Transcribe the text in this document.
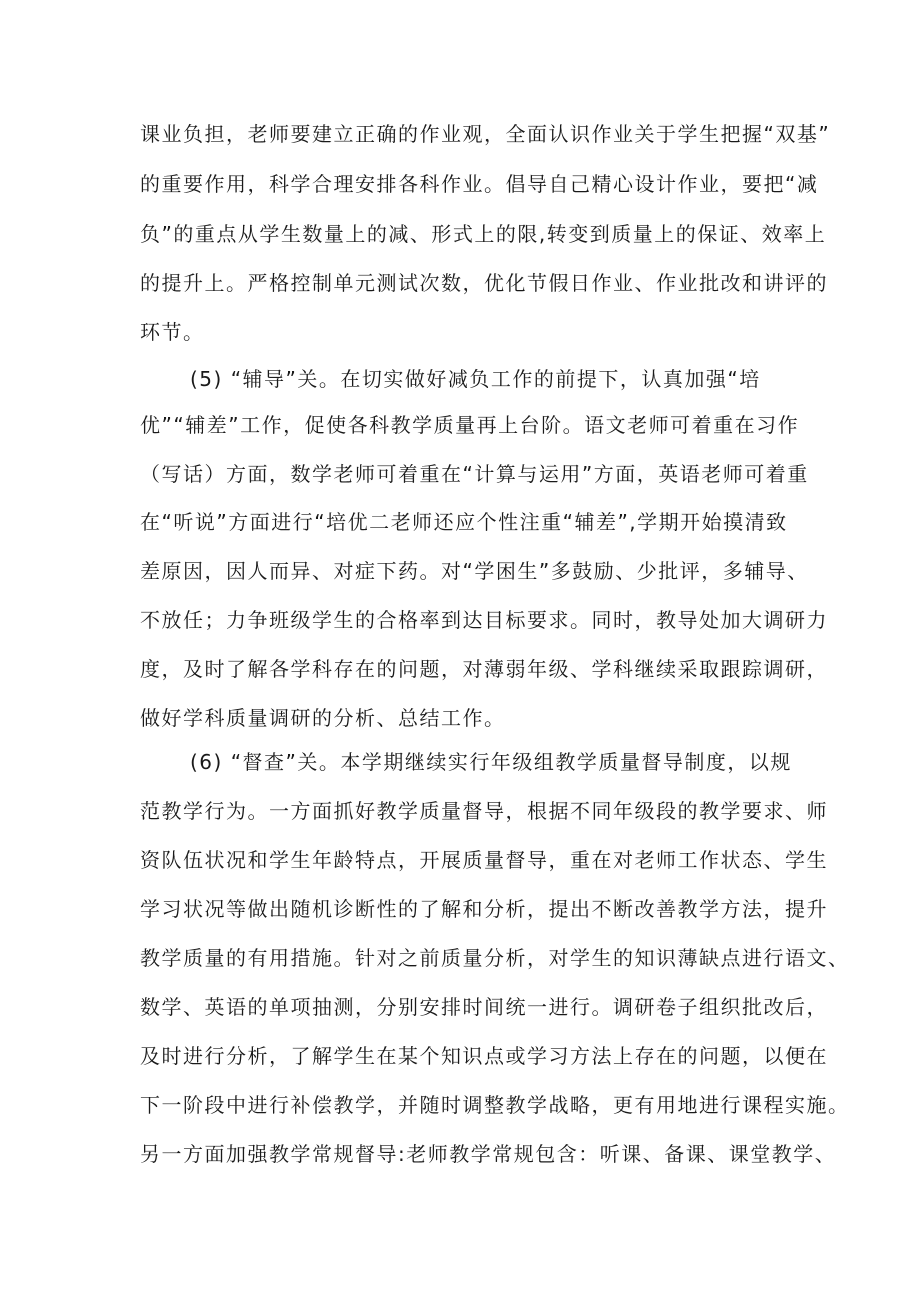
课业负担，老师要建立正确的作业观，全面认识作业关于学生把握“双基”
的重要作用，科学合理安排各科作业。倡导自己精心设计作业，要把“减
负”的重点从学生数量上的减、形式上的限,转变到质量上的保证、效率上
的提升上。严格控制单元测试次数，优化节假日作业、作业批改和讲评的
环节。
(5) “辅导”关。在切实做好减负工作的前提下，认真加强“培
优”“辅差”工作，促使各科教学质量再上台阶。语文老师可着重在习作
（写话）方面，数学老师可着重在“计算与运用”方面，英语老师可着重
在“听说”方面进行“培优二老师还应个性注重“辅差”,学期开始摸清致
差原因，因人而异、对症下药。对“学困生”多鼓励、少批评，多辅导、
不放任；力争班级学生的合格率到达目标要求。同时，教导处加大调研力
度，及时了解各学科存在的问题，对薄弱年级、学科继续采取跟踪调研，
做好学科质量调研的分析、总结工作。
(6) “督查”关。本学期继续实行年级组教学质量督导制度，以规
范教学行为。一方面抓好教学质量督导，根据不同年级段的教学要求、师
资队伍状况和学生年龄特点，开展质量督导，重在对老师工作状态、学生
学习状况等做出随机诊断性的了解和分析，提出不断改善教学方法，提升
教学质量的有用措施。针对之前质量分析，对学生的知识薄缺点进行语文、
数学、英语的单项抽测，分别安排时间统一进行。调研卷子组织批改后，
及时进行分析，了解学生在某个知识点或学习方法上存在的问题，以便在
下一阶段中进行补偿教学，并随时调整教学战略，更有用地进行课程实施。
另一方面加强教学常规督导:老师教学常规包含：听课、备课、课堂教学、
